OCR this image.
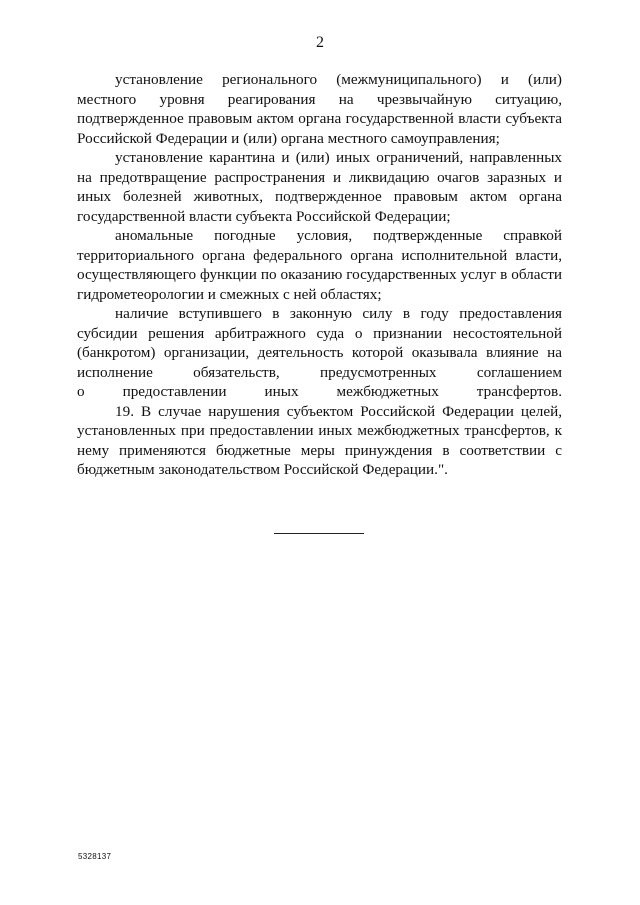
2

установление регионального (межмуниципального) и (или) местного уровня реагирования на чрезвычайную ситуацию, подтвержденное правовым актом органа государственной власти субъекта Российской Федерации и (или) органа местного самоуправления;

установление карантина и (или) иных ограничений, направленных на предотвращение распространения и ликвидацию очагов заразных и иных болезней животных, подтвержденное правовым актом органа государственной власти субъекта Российской Федерации;

аномальные погодные условия, подтвержденные справкой территориального органа федерального органа исполнительной власти, осуществляющего функции по оказанию государственных услуг в области гидрометеорологии и смежных с ней областях;

наличие вступившего в законную силу в году предоставления субсидии решения арбитражного суда о признании несостоятельной (банкротом) организации, деятельность которой оказывала влияние на исполнение обязательств, предусмотренных соглашением
о предоставлении иных межбюджетных трансфертов.

19. В случае нарушения субъектом Российской Федерации целей, установленных при предоставлении иных межбюджетных трансфертов, к нему применяются бюджетные меры принуждения в соответствии с бюджетным законодательством Российской Федерации.".

5328137
